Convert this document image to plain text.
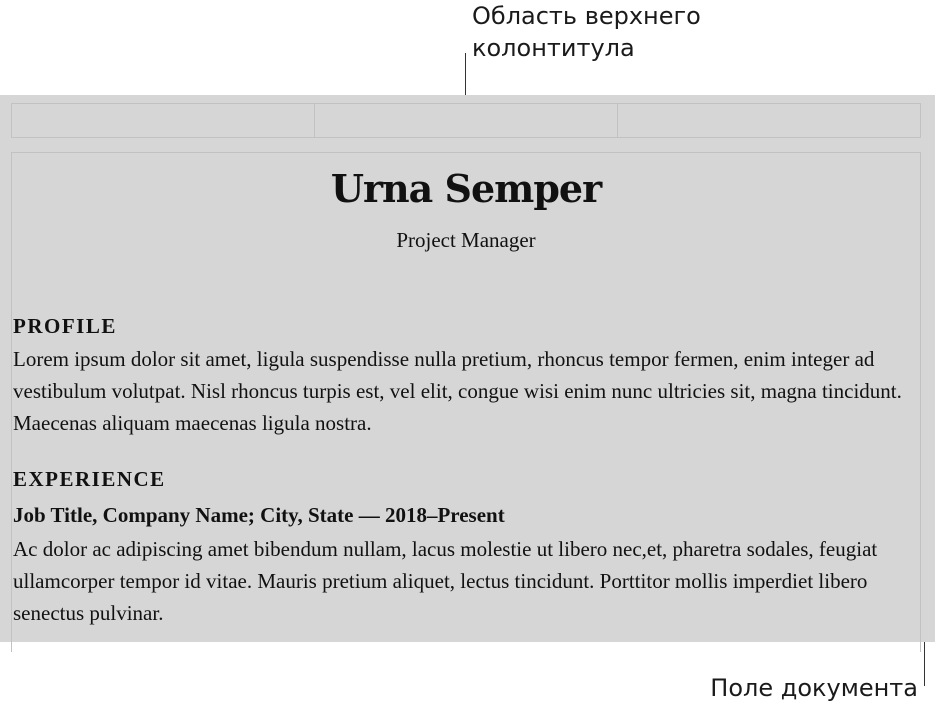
Область верхнего
колонтитула
Urna Semper
Project Manager
PROFILE
Lorem ipsum dolor sit amet, ligula suspendisse nulla pretium, rhoncus tempor fermen, enim integer ad vestibulum volutpat. Nisl rhoncus turpis est, vel elit, congue wisi enim nunc ultricies sit, magna tincidunt. Maecenas aliquam maecenas ligula nostra.
EXPERIENCE
Job Title, Company Name; City, State — 2018–Present
Ac dolor ac adipiscing amet bibendum nullam, lacus molestie ut libero nec,et, pharetra sodales, feugiat ullamcorper tempor id vitae. Mauris pretium aliquet, lectus tincidunt. Porttitor mollis imperdiet libero senectus pulvinar.
Поле документа
